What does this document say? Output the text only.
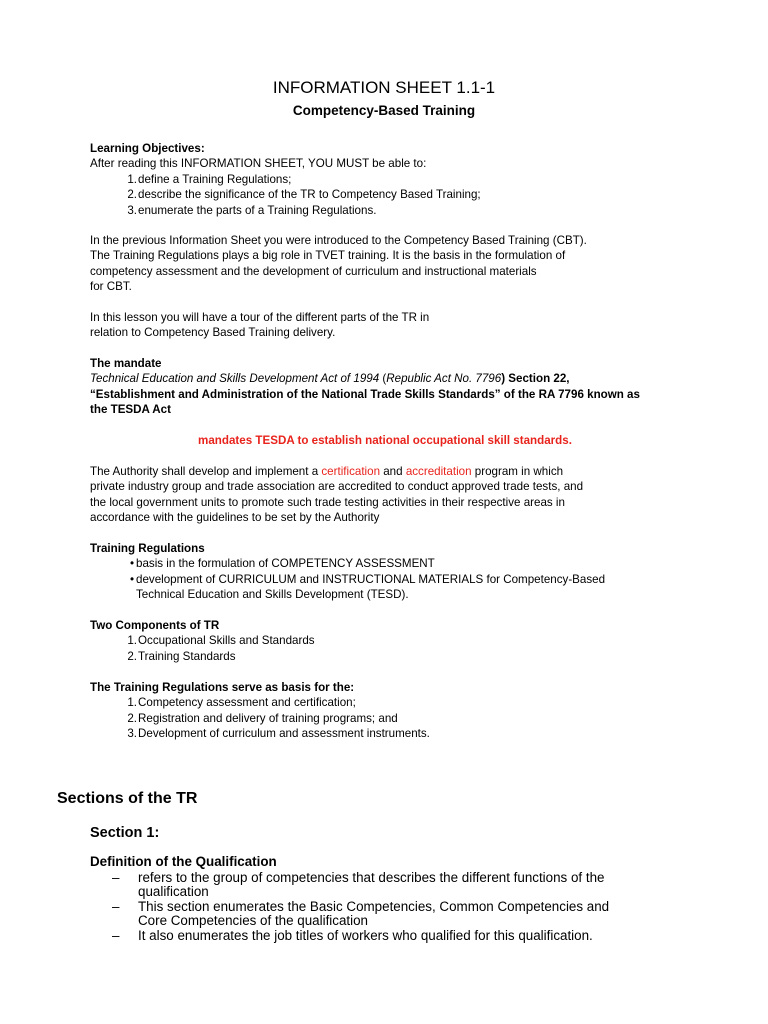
INFORMATION SHEET 1.1-1
Competency-Based Training

Learning Objectives:

After reading this INFORMATION SHEET, YOU MUST be able to:

1. define a Training Regulations;
2. describe the significance of the TR to Competency Based Training;
3. enumerate the parts of a Training Regulations.

In the previous Information Sheet you were introduced to the Competency Based Training (CBT).

The Training Regulations plays a big role in TVET training. It is the basis in the formulation of

competency assessment and the development of curriculum and instructional materials

for CBT.

In this lesson you will have a tour of the different parts of the TR in

relation to Competency Based Training delivery.

The mandate

Technical Education and Skills Development Act of 1994 (Republic Act No. 7796) Section 22,

“Establishment and Administration of the National Trade Skills Standards” of the RA 7796 known as

the TESDA Act

mandates TESDA to establish national occupational skill standards.

The Authority shall develop and implement a certification and accreditation program in which

private industry group and trade association are accredited to conduct approved trade tests, and

the local government units to promote such trade testing activities in their respective areas in

accordance with the guidelines to be set by the Authority

Training Regulations

• basis in the formulation of COMPETENCY ASSESSMENT
• development of CURRICULUM and INSTRUCTIONAL MATERIALS for Competency-Based
Technical Education and Skills Development (TESD).

Two Components of TR

1. Occupational Skills and Standards
2. Training Standards

The Training Regulations serve as basis for the:

1. Competency assessment and certification;
2. Registration and delivery of training programs; and
3. Development of curriculum and assessment instruments.
Sections of the TR
Section 1:

Definition of the Qualification

– refers to the group of competencies that describes the different functions of the
qualification
– This section enumerates the Basic Competencies, Common Competencies and
Core Competencies of the qualification
– It also enumerates the job titles of workers who qualified for this qualification.
